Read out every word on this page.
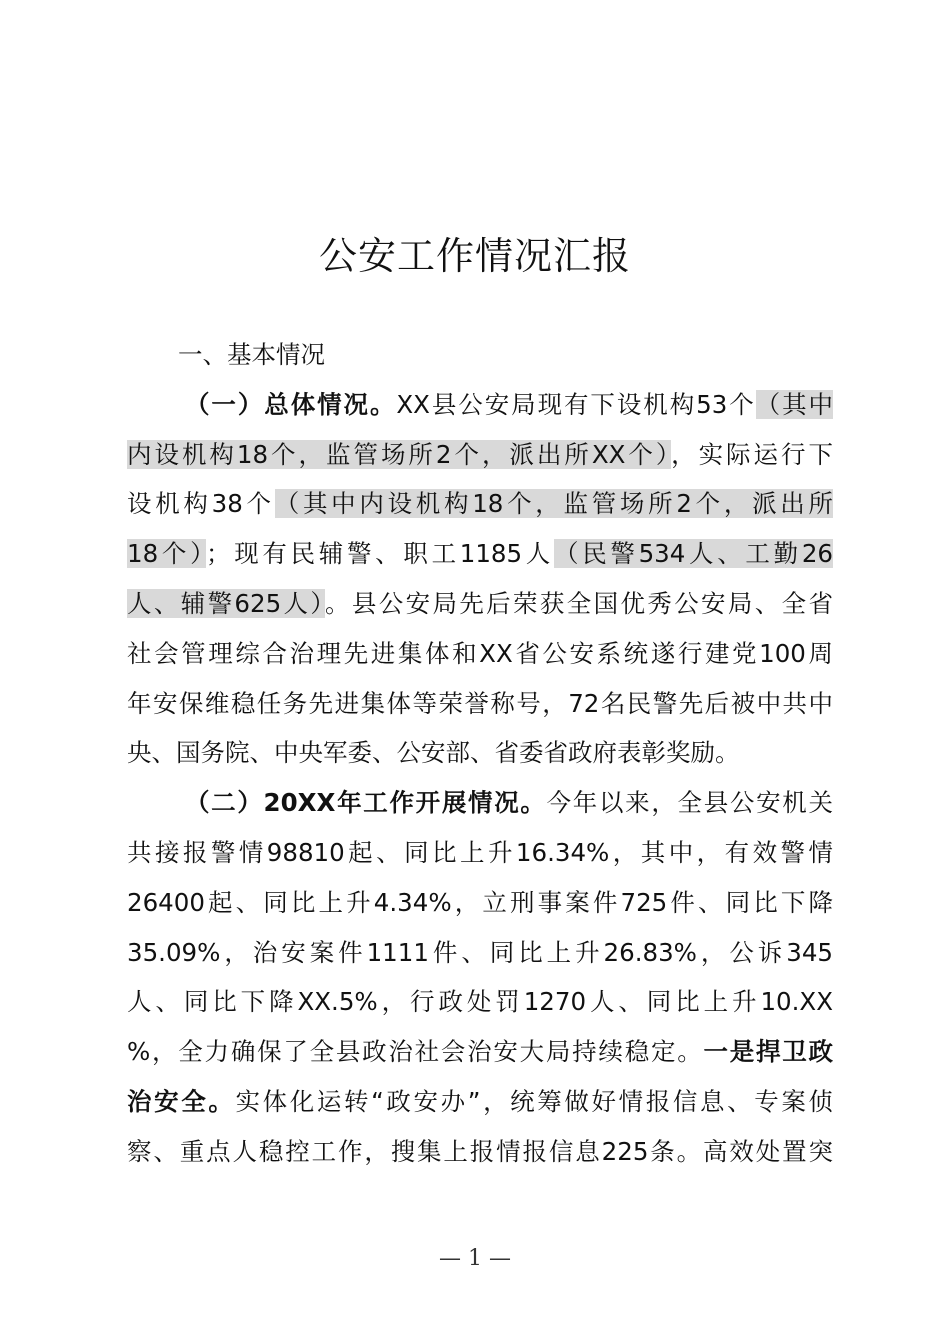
公安工作情况汇报
一、基本情况
（一）总体情况。XX县公安局现有下设机构53个（其中
内设机构18个，监管场所2个，派出所XX个），实际运行下
设机构38个（其中内设机构18个，监管场所2个，派出所
18个）；现有民辅警、职工1185人（民警534人、工勤26
人、辅警625人）。县公安局先后荣获全国优秀公安局、全省
社会管理综合治理先进集体和XX省公安系统遂行建党100周
年安保维稳任务先进集体等荣誉称号，72名民警先后被中共中
央、国务院、中央军委、公安部、省委省政府表彰奖励。
（二）20XX年工作开展情况。今年以来，全县公安机关
共接报警情98810起、同比上升16.34%，其中，有效警情
26400起、同比上升4.34%，立刑事案件725件、同比下降
35.09%，治安案件1111件、同比上升26.83%，公诉345
人、同比下降XX.5%，行政处罚1270人、同比上升10.XX
%，全力确保了全县政治社会治安大局持续稳定。一是捍卫政
治安全。实体化运转“政安办”，统筹做好情报信息、专案侦
察、重点人稳控工作，搜集上报情报信息225条。高效处置突
— 1 —
